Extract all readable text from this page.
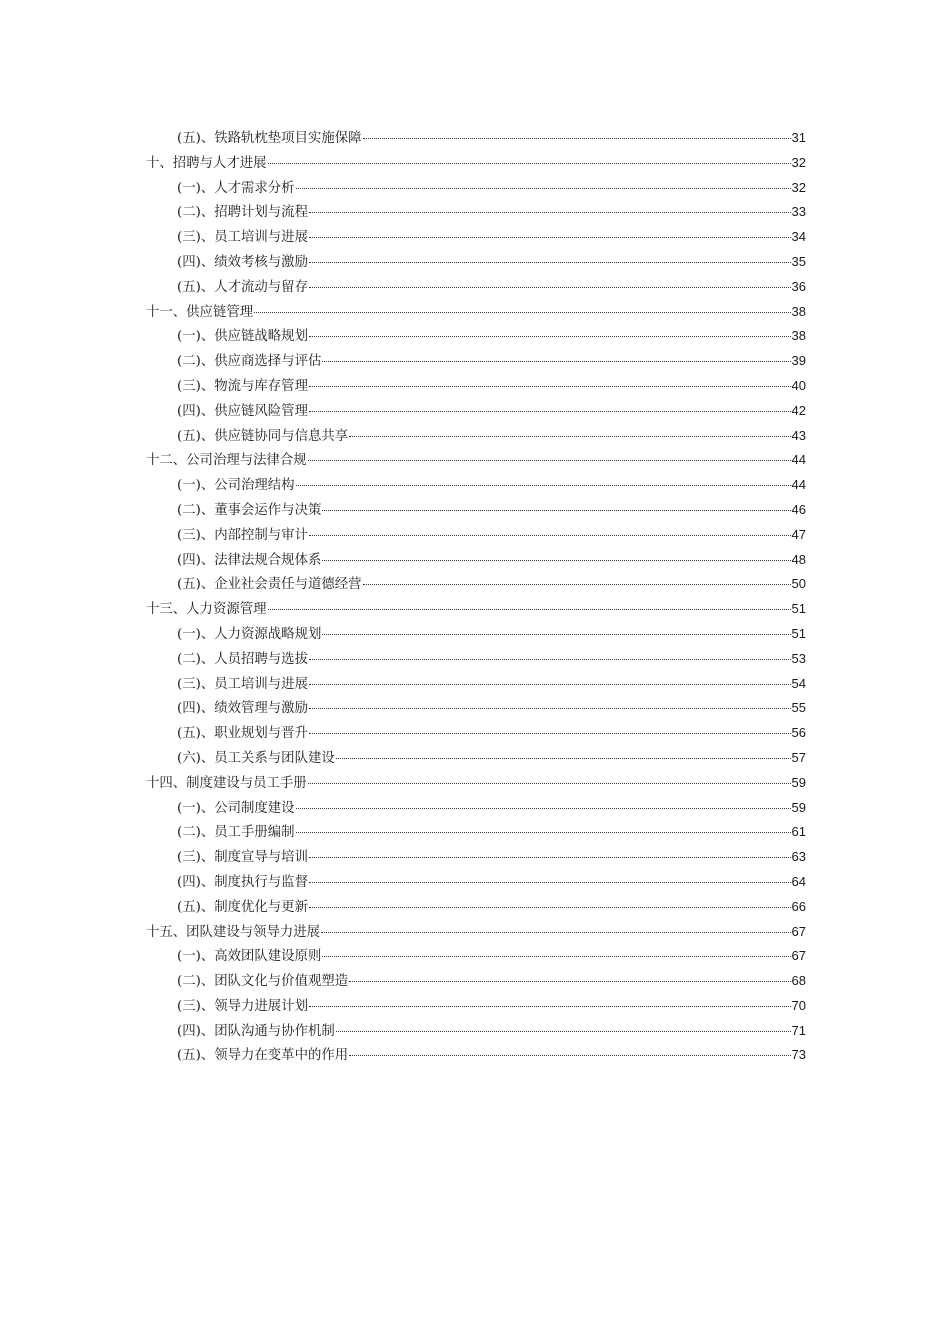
(五)、铁路轨枕垫项目实施保障	31
十、招聘与人才进展	32
(一)、人才需求分析	32
(二)、招聘计划与流程	33
(三)、员工培训与进展	34
(四)、绩效考核与激励	35
(五)、人才流动与留存	36
十一、供应链管理	38
(一)、供应链战略规划	38
(二)、供应商选择与评估	39
(三)、物流与库存管理	40
(四)、供应链风险管理	42
(五)、供应链协同与信息共享	43
十二、公司治理与法律合规	44
(一)、公司治理结构	44
(二)、董事会运作与决策	46
(三)、内部控制与审计	47
(四)、法律法规合规体系	48
(五)、企业社会责任与道德经营	50
十三、人力资源管理	51
(一)、人力资源战略规划	51
(二)、人员招聘与选拔	53
(三)、员工培训与进展	54
(四)、绩效管理与激励	55
(五)、职业规划与晋升	56
(六)、员工关系与团队建设	57
十四、制度建设与员工手册	59
(一)、公司制度建设	59
(二)、员工手册编制	61
(三)、制度宣导与培训	63
(四)、制度执行与监督	64
(五)、制度优化与更新	66
十五、团队建设与领导力进展	67
(一)、高效团队建设原则	67
(二)、团队文化与价值观塑造	68
(三)、领导力进展计划	70
(四)、团队沟通与协作机制	71
(五)、领导力在变革中的作用	73
